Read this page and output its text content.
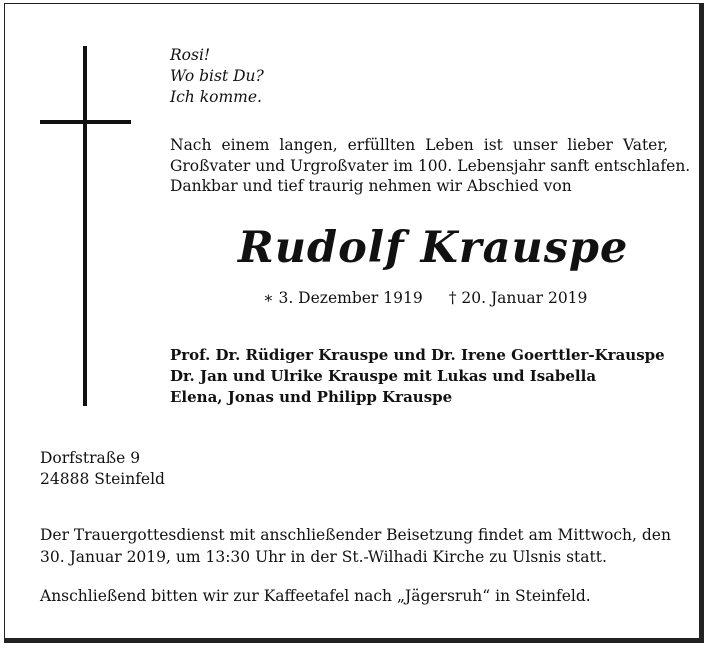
Rosi!
Wo bist Du?
Ich komme.
Nach einem langen, erfüllten Leben ist unser lieber Vater,
Großvater und Urgroßvater im 100. Lebensjahr sanft entschlafen.
Dankbar und tief traurig nehmen wir Abschied von
Rudolf Krauspe
∗ 3. Dezember 1919 † 20. Januar 2019
Prof. Dr. Rüdiger Krauspe und Dr. Irene Goerttler-Krauspe
Dr. Jan und Ulrike Krauspe mit Lukas und Isabella
Elena, Jonas und Philipp Krauspe
Dorfstraße 9
24888 Steinfeld
Der Trauergottesdienst mit anschließender Beisetzung findet am Mittwoch, den
30. Januar 2019, um 13:30 Uhr in der St.-Wilhadi Kirche zu Ulsnis statt.
Anschließend bitten wir zur Kaffeetafel nach „Jägersruh“ in Steinfeld.
